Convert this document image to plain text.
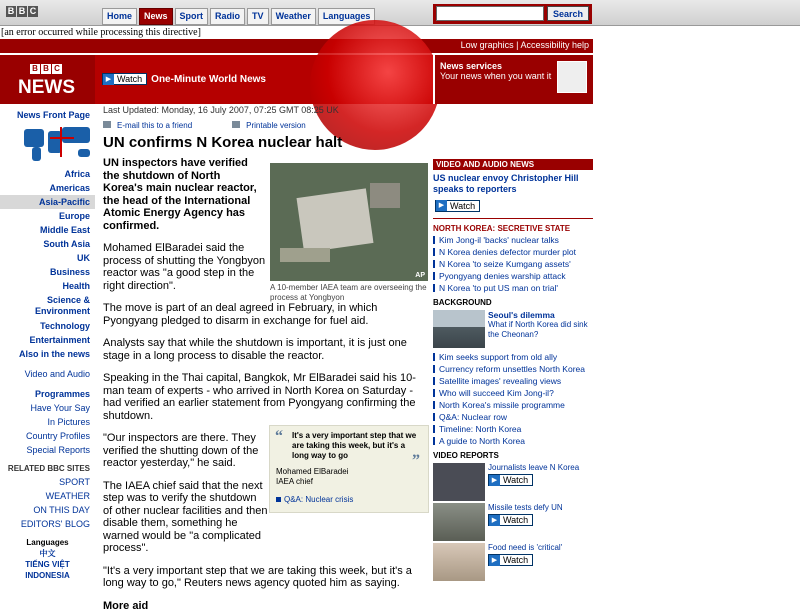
B B C	Home	News	Sport	Radio	TV	Weather	Languages	Search
[an error occurred while processing this directive]
Low graphics | Accessibility help
B B C
NEWS	▶ Watch One-Minute World News
News services
Your news when you want it
News Front Page
Africa
Americas
Asia-Pacific
Europe
Middle East
South Asia
UK
Business
Health
Science & Environment
Technology
Entertainment
Also in the news
Video and Audio
Programmes
Have Your Say
In Pictures
Country Profiles
Special Reports
RELATED BBC SITES
SPORT
WEATHER
ON THIS DAY
EDITORS' BLOG
Languages
中文
TIẾNG VIỆT
INDONESIA
Last Updated: Monday, 16 July 2007, 07:25 GMT 08:25 UK
E-mail this to a friend	Printable version
UN confirms N Korea nuclear halt
UN inspectors have verified the shutdown of North Korea's main nuclear reactor, the head of the International Atomic Energy Agency has confirmed.
Mohamed ElBaradei said the process of shutting the Yongbyon reactor was "a good step in the right direction".
The move is part of an deal agreed in February, in which Pyongyang pledged to disarm in exchange for fuel aid.
Analysts say that while the shutdown is important, it is just one stage in a long process to disable the reactor.
Speaking in the Thai capital, Bangkok, Mr ElBaradei said his 10-man team of experts - who arrived in North Korea on Saturday - had verified an earlier statement from Pyongyang confirming the shutdown.
"Our inspectors are there. They verified the shutting down of the reactor yesterday," he said.
The IAEA chief said that the next step was to verify the shutdown of other nuclear facilities and then disable them, something he warned would be "a complicated process".
"It's a very important step that we are taking this week, but it's a long way to go," Reuters news agency quoted him as saying.
More aid
AP
A 10-member IAEA team are overseeing the process at Yongbyon
“ It's a very important step that we are taking this week, but it's a long way to go	”
Mohamed ElBaradei
IAEA chief
Q&A: Nuclear crisis
VIDEO AND AUDIO NEWS
US nuclear envoy Christopher Hill speaks to reporters
▶ Watch
NORTH KOREA: SECRETIVE STATE
Kim Jong-il 'backs' nuclear talks
N Korea denies defector murder plot
N Korea 'to seize Kumgang assets'
Pyongyang denies warship attack
N Korea 'to put US man on trial'
BACKGROUND
Seoul's dilemma
What if North Korea did sink the Cheonan?
Kim seeks support from old ally
Currency reform unsettles North Korea
Satellite images' revealing views
Who will succeed Kim Jong-il?
North Korea's missile programme
Q&A: Nuclear row
Timeline: North Korea
A guide to North Korea
VIDEO REPORTS
Journalists leave N Korea
▶ Watch
Missile tests defy UN
▶ Watch
Food need is 'critical'
▶ Watch
